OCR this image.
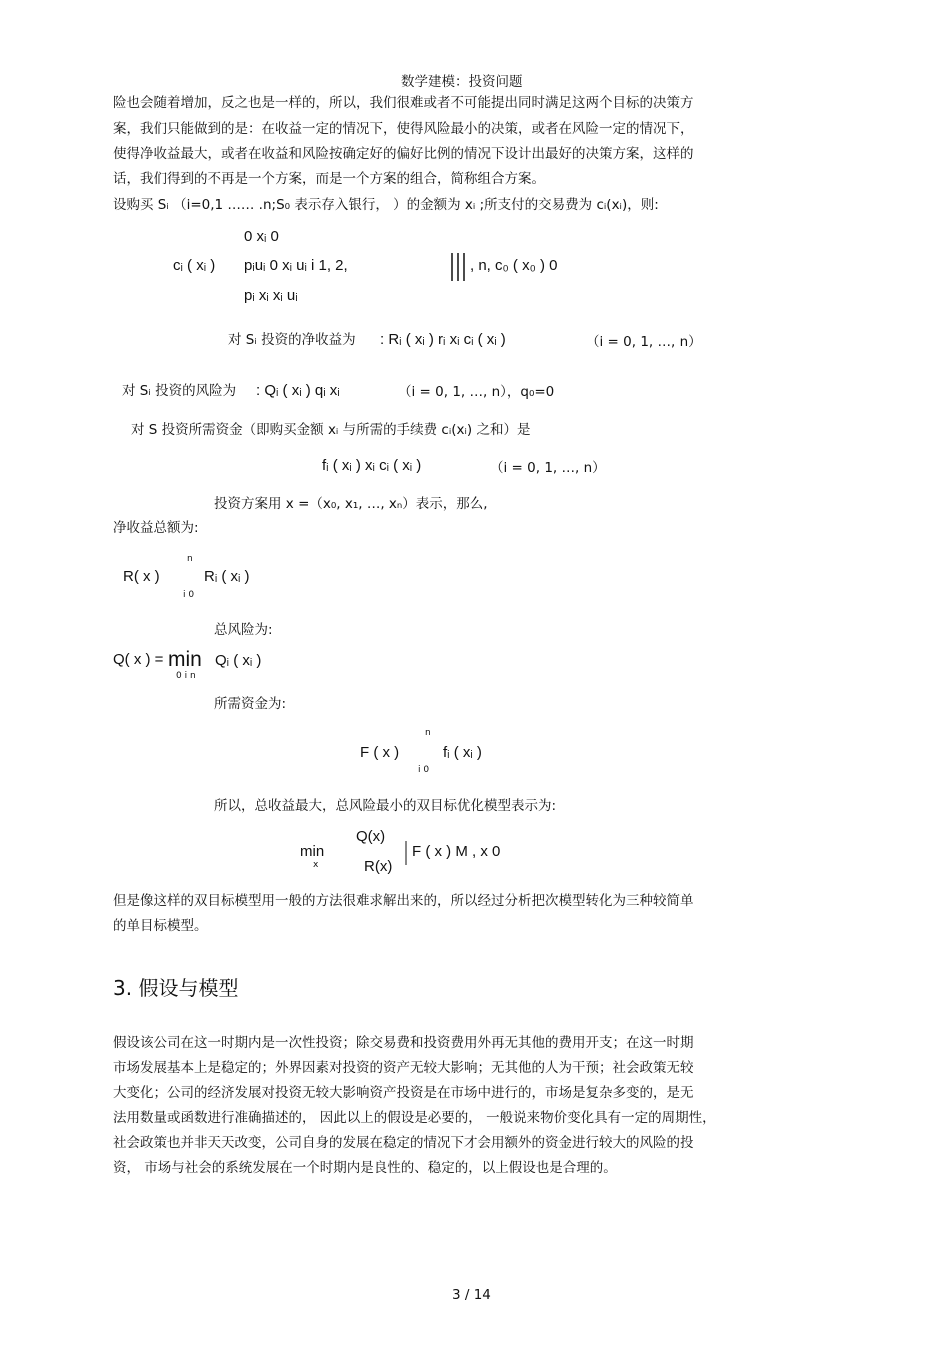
数学建模：投资问题
险也会随着增加，反之也是一样的，所以，我们很难或者不可能提出同时满足这两个目标的决策方
案，我们只能做到的是：在收益一定的情况下，使得风险最小的决策，或者在风险一定的情况下，
使得净收益最大，或者在收益和风险按确定好的偏好比例的情况下设计出最好的决策方案，这样的
话，我们得到的不再是一个方案，而是一个方案的组合，简称组合方案。
设购买 Sᵢ （i=0,1 …… .n;S₀ 表示存入银行， ）的金额为 xᵢ ;所支付的交易费为 cᵢ(xᵢ)，则:
0 xᵢ 0
cᵢ ( xᵢ ) pᵢuᵢ 0 xᵢ uᵢ i 1, 2,	, n, c₀ ( x₀ ) 0
pᵢ xᵢ xᵢ uᵢ
对 Sᵢ 投资的净收益为 : Rᵢ ( xᵢ ) rᵢ xᵢ cᵢ ( xᵢ )	（i = 0, 1, …, n）
对 Sᵢ 投资的风险为 : Qᵢ ( xᵢ ) qᵢ xᵢ	（i = 0, 1, …, n），q₀=0
对 S 投资所需资金（即购买金额 xᵢ 与所需的手续费 cᵢ(xᵢ) 之和）是
fᵢ ( xᵢ ) xᵢ cᵢ ( xᵢ )	（i = 0, 1, …, n）
投资方案用 x =（x₀, x₁, …, xₙ）表示，那么,
净收益总额为:
n
R( x )	Rᵢ ( xᵢ )
i 0
总风险为:
Q( x ) = min
0 i n
Qᵢ ( xᵢ )
所需资金为:
n
F ( x )	fᵢ ( xᵢ )
i 0
所以，总收益最大，总风险最小的双目标优化模型表示为:
Q(x)
min
x	R(x)
F ( x ) M , x 0
但是像这样的双目标模型用一般的方法很难求解出来的，所以经过分析把次模型转化为三种较简单
的单目标模型。
3. 假设与模型
假设该公司在这一时期内是一次性投资；除交易费和投资费用外再无其他的费用开支；在这一时期
市场发展基本上是稳定的；外界因素对投资的资产无较大影响；无其他的人为干预；社会政策无较
大变化；公司的经济发展对投资无较大影响资产投资是在市场中进行的，市场是复杂多变的，是无
法用数量或函数进行准确描述的， 因此以上的假设是必要的， 一般说来物价变化具有一定的周期性，
社会政策也并非天天改变，公司自身的发展在稳定的情况下才会用额外的资金进行较大的风险的投
资， 市场与社会的系统发展在一个时期内是良性的、稳定的，以上假设也是合理的。
3 / 14
